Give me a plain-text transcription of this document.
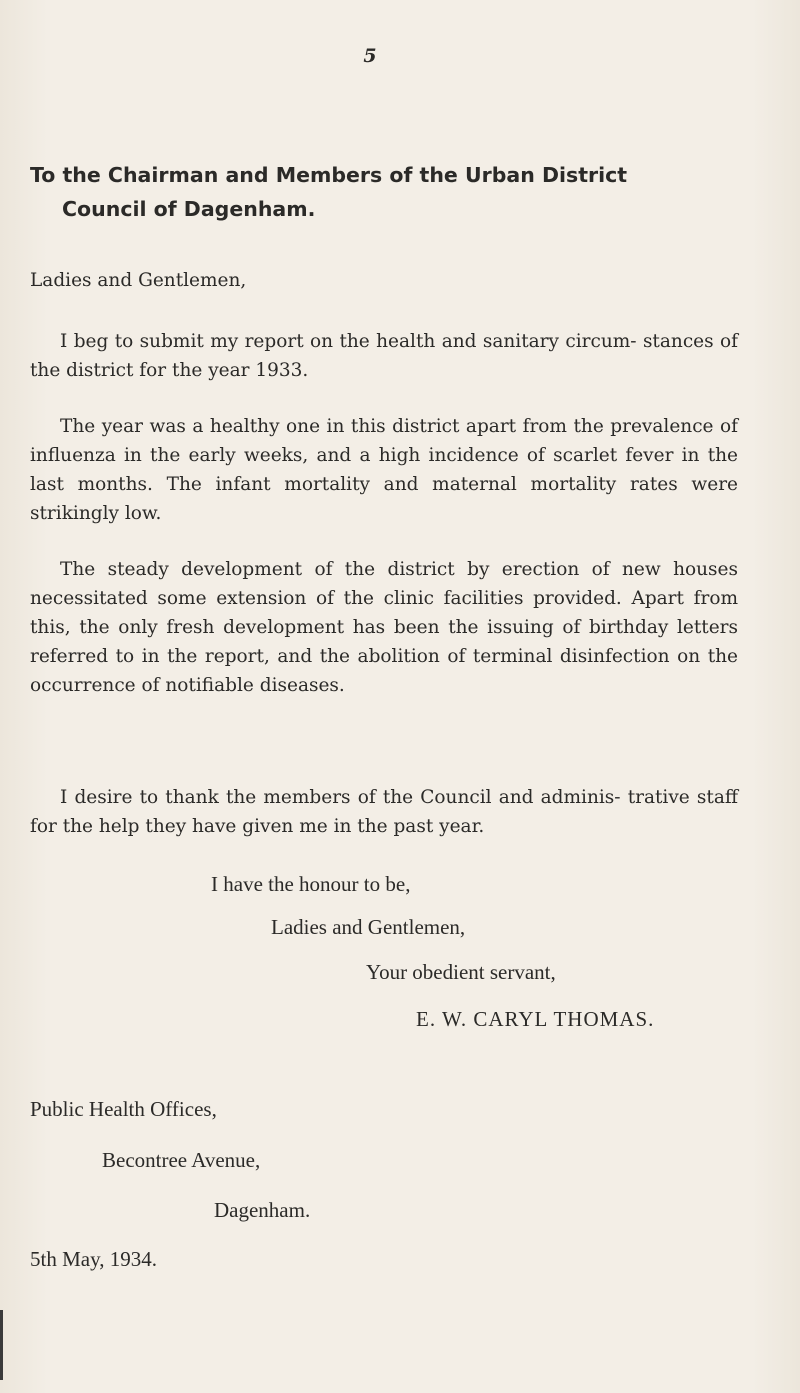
5
To the Chairman and Members of the Urban District
Council of Dagenham.
Ladies and Gentlemen,
I beg to submit my report on the health and sanitary circum- stances of the district for the year 1933.
The year was a healthy one in this district apart from the prevalence of influenza in the early weeks, and a high incidence of scarlet fever in the last months. The infant mortality and maternal mortality rates were strikingly low.
The steady development of the district by erection of new houses necessitated some extension of the clinic facilities provided. Apart from this, the only fresh development has been the issuing of birthday letters referred to in the report, and the abolition of terminal disinfection on the occurrence of notifiable diseases.
I desire to thank the members of the Council and adminis- trative staff for the help they have given me in the past year.
I have the honour to be,
Ladies and Gentlemen,
Your obedient servant,
E. W. CARYL THOMAS.
Public Health Offices,
Becontree Avenue,
Dagenham.
5th May, 1934.
